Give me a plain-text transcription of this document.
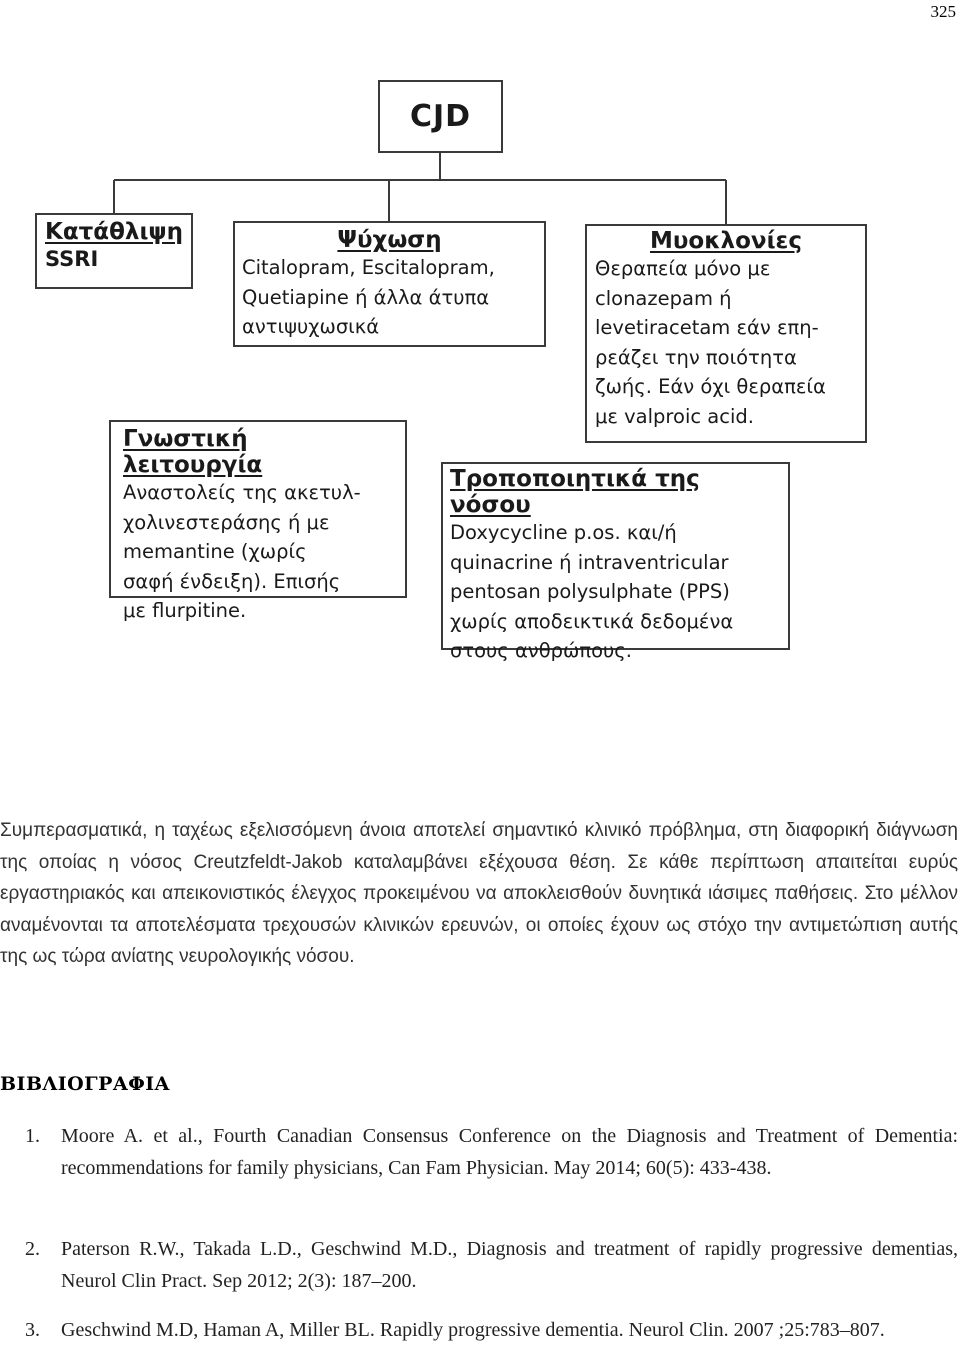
325
CJD
Κατάθλιψη
SSRI
Ψύχωση
Citalopram, Escitalopram,
Quetiapine ή άλλα άτυπα
αντιψυχωσικά
Μυοκλονίες
Θεραπεία μόνο με
clonazepam ή
levetiracetam εάν επη-
ρεάζει την ποιότητα
ζωής. Εάν όχι θεραπεία
με valproic acid.
Γνωστική λειτουργία
Αναστολείς της ακετυλ-
χολινεστεράσης ή με
memantine (χωρίς
σαφή ένδειξη). Επισής
με flurpitine.
Τροποποιητικά της νόσου
Doxycycline p.os. και/ή
quinacrine ή intraventricular
pentosan polysulphate (PPS)
χωρίς αποδεικτικά δεδομένα
στους ανθρώπους.

Συμπερασματικά, η ταχέως εξελισσόμενη άνοια αποτελεί σημαντικό κλινικό πρόβλημα, στη διαφορική διάγνωση της οποίας η νόσος Creutzfeldt-Jakob καταλαμβάνει εξέχουσα θέση. Σε κάθε περίπτωση απαιτείται ευρύς εργαστηριακός και απεικονιστικός έλεγχος προκειμένου να αποκλεισθούν δυνητικά ιάσιμες παθήσεις. Στο μέλλον αναμένονται τα αποτελέσματα τρεχουσών κλινικών ερευνών, οι οποίες έχουν ως στόχο την αντιμετώπιση αυτής της ως τώρα ανίατης νευρολογικής νόσου.

ΒΙΒΛΙΟΓΡΑΦΙΑ
1. Moore A. et al., Fourth Canadian Consensus Conference on the Diagnosis and Treatment of Dementia: recommendations for family physicians, Can Fam Physician. May 2014; 60(5): 433-438.
2. Paterson R.W., Takada L.D., Geschwind M.D., Diagnosis and treatment of rapidly progressive dementias, Neurol Clin Pract. Sep 2012; 2(3): 187–200.
3. Geschwind M.D, Haman A, Miller BL. Rapidly progressive dementia. Neurol Clin. 2007 ;25:783–807.
